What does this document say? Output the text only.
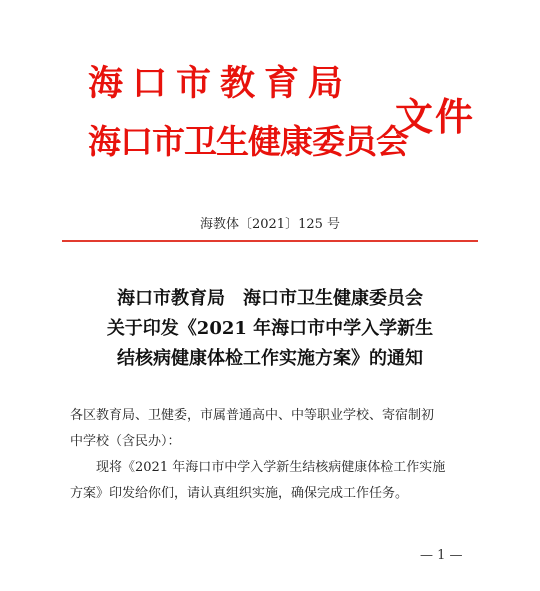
海口市教育局
海口市卫生健康委员会
文件
海教体〔2021〕125 号
海口市教育局　海口市卫生健康委员会
关于印发《2021 年海口市中学入学新生
结核病健康体检工作实施方案》的通知

各区教育局、卫健委，市属普通高中、中等职业学校、寄宿制初

中学校（含民办）：

现将《2021 年海口市中学入学新生结核病健康体检工作实施

方案》印发给你们，请认真组织实施，确保完成工作任务。

— 1 —
